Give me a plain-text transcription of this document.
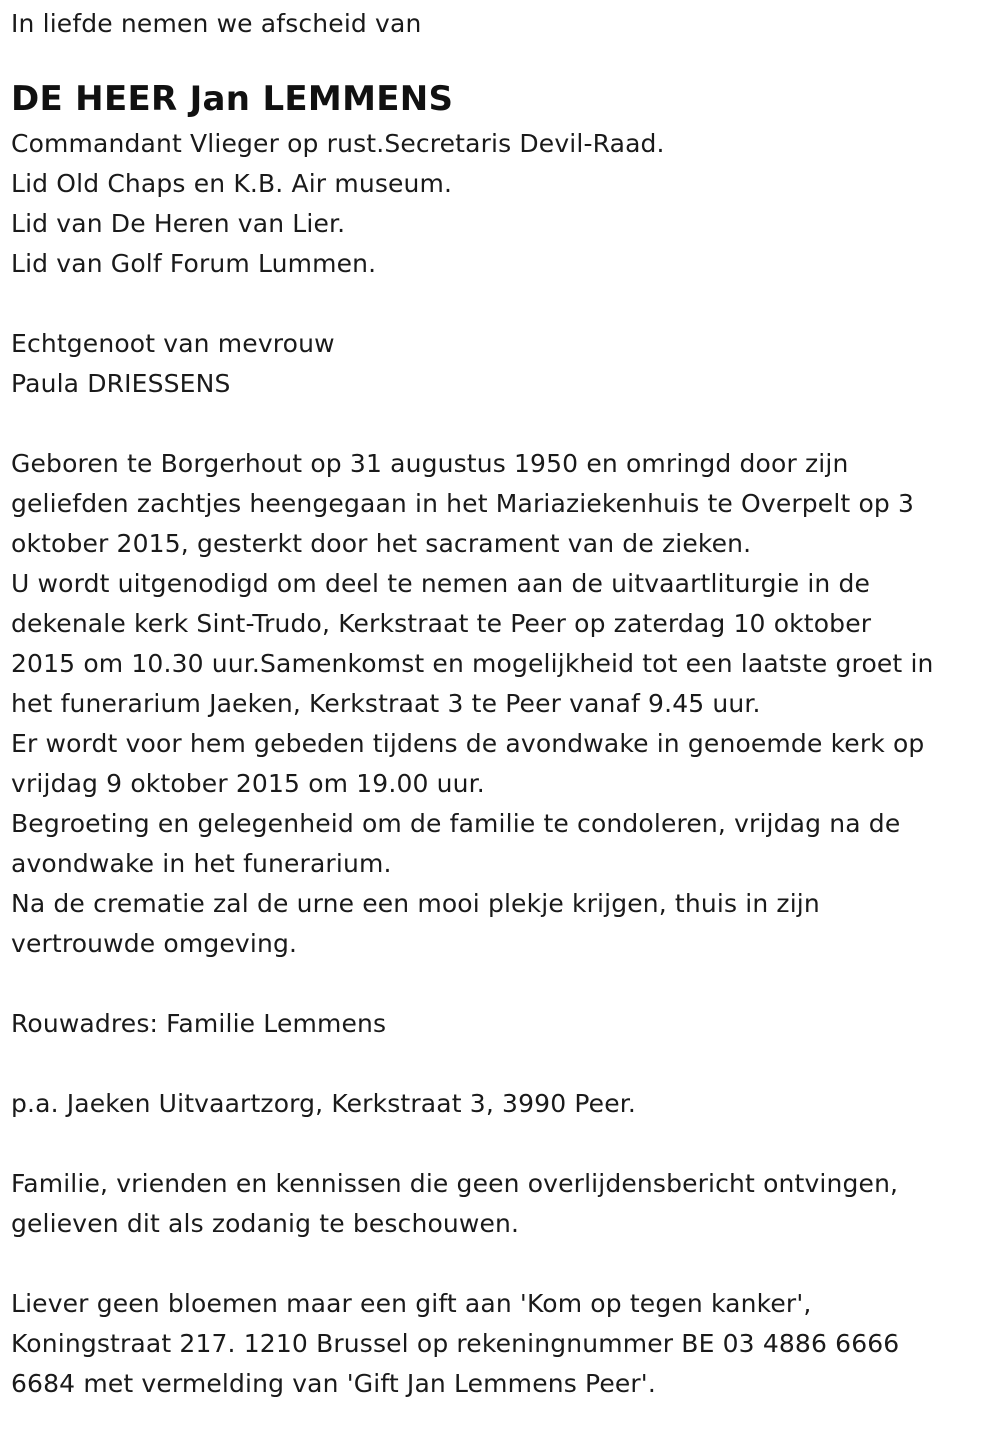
In liefde nemen we afscheid van
DE HEER Jan LEMMENS
Commandant Vlieger op rust.Secretaris Devil-Raad.
Lid Old Chaps en K.B. Air museum.
Lid van De Heren van Lier.
Lid van Golf Forum Lummen.
Echtgenoot van mevrouw
Paula DRIESSENS
Geboren te Borgerhout op 31 augustus 1950 en omringd door zijn
geliefden zachtjes heengegaan in het Mariaziekenhuis te Overpelt op 3
oktober 2015, gesterkt door het sacrament van de zieken.
U wordt uitgenodigd om deel te nemen aan de uitvaartliturgie in de
dekenale kerk Sint-Trudo, Kerkstraat te Peer op zaterdag 10 oktober
2015 om 10.30 uur.Samenkomst en mogelijkheid tot een laatste groet in
het funerarium Jaeken, Kerkstraat 3 te Peer vanaf 9.45 uur.
Er wordt voor hem gebeden tijdens de avondwake in genoemde kerk op
vrijdag 9 oktober 2015 om 19.00 uur.
Begroeting en gelegenheid om de familie te condoleren, vrijdag na de
avondwake in het funerarium.
Na de crematie zal de urne een mooi plekje krijgen, thuis in zijn
vertrouwde omgeving.
Rouwadres: Familie Lemmens
p.a. Jaeken Uitvaartzorg, Kerkstraat 3, 3990 Peer.
Familie, vrienden en kennissen die geen overlijdensbericht ontvingen,
gelieven dit als zodanig te beschouwen.
Liever geen bloemen maar een gift aan 'Kom op tegen kanker',
Koningstraat 217. 1210 Brussel op rekeningnummer BE 03 4886 6666
6684 met vermelding van 'Gift Jan Lemmens Peer'.
